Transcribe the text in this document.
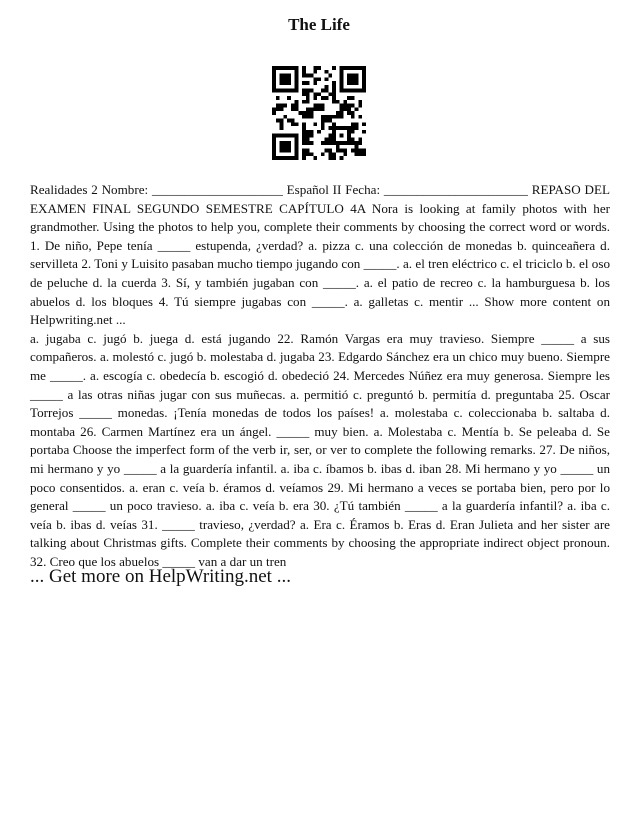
The Life

Realidades 2 Nombre: ____________________ Español II Fecha: ______________________ REPASO DEL EXAMEN FINAL SEGUNDO SEMESTRE CAPÍTULO 4A Nora is looking at family photos with her grandmother. Using the photos to help you, complete their comments by choosing the correct word or words. 1. De niño, Pepe tenía _____ estupenda, ¿verdad? a. pizza c. una colección de monedas b. quinceañera d. servilleta 2. Toni y Luisito pasaban mucho tiempo jugando con _____. a. el tren eléctrico c. el triciclo b. el oso de peluche d. la cuerda 3. Sí, y también jugaban con _____. a. el patio de recreo c. la hamburguesa b. los abuelos d. los bloques 4. Tú siempre jugabas con _____. a. galletas c. mentir ... Show more content on Helpwriting.net ...

a. jugaba c. jugó b. juega d. está jugando 22. Ramón Vargas era muy travieso. Siempre _____ a sus compañeros. a. molestó c. jugó b. molestaba d. jugaba 23. Edgardo Sánchez era un chico muy bueno. Siempre me _____. a. escogía c. obedecía b. escogió d. obedeció 24. Mercedes Núñez era muy generosa. Siempre les _____ a las otras niñas jugar con sus muñecas. a. permitió c. preguntó b. permitía d. preguntaba 25. Oscar Torrejos _____ monedas. ¡Tenía monedas de todos los países! a. molestaba c. coleccionaba b. saltaba d. montaba 26. Carmen Martínez era un ángel. _____ muy bien. a. Molestaba c. Mentía b. Se peleaba d. Se portaba Choose the imperfect form of the verb ir, ser, or ver to complete the following remarks. 27. De niños, mi hermano y yo _____ a la guardería infantil. a. iba c. íbamos b. ibas d. iban 28. Mi hermano y yo _____ un poco consentidos. a. eran c. veía b. éramos d. veíamos 29. Mi hermano a veces se portaba bien, pero por lo general _____ un poco travieso. a. iba c. veía b. era 30. ¿Tú también _____ a la guardería infantil? a. iba c. veía b. ibas d. veías 31. _____ travieso, ¿verdad? a. Era c. Éramos b. Eras d. Eran Julieta and her sister are talking about Christmas gifts. Complete their comments by choosing the appropriate indirect object pronoun. 32. Creo que los abuelos _____ van a dar un tren

... Get more on HelpWriting.net ...
